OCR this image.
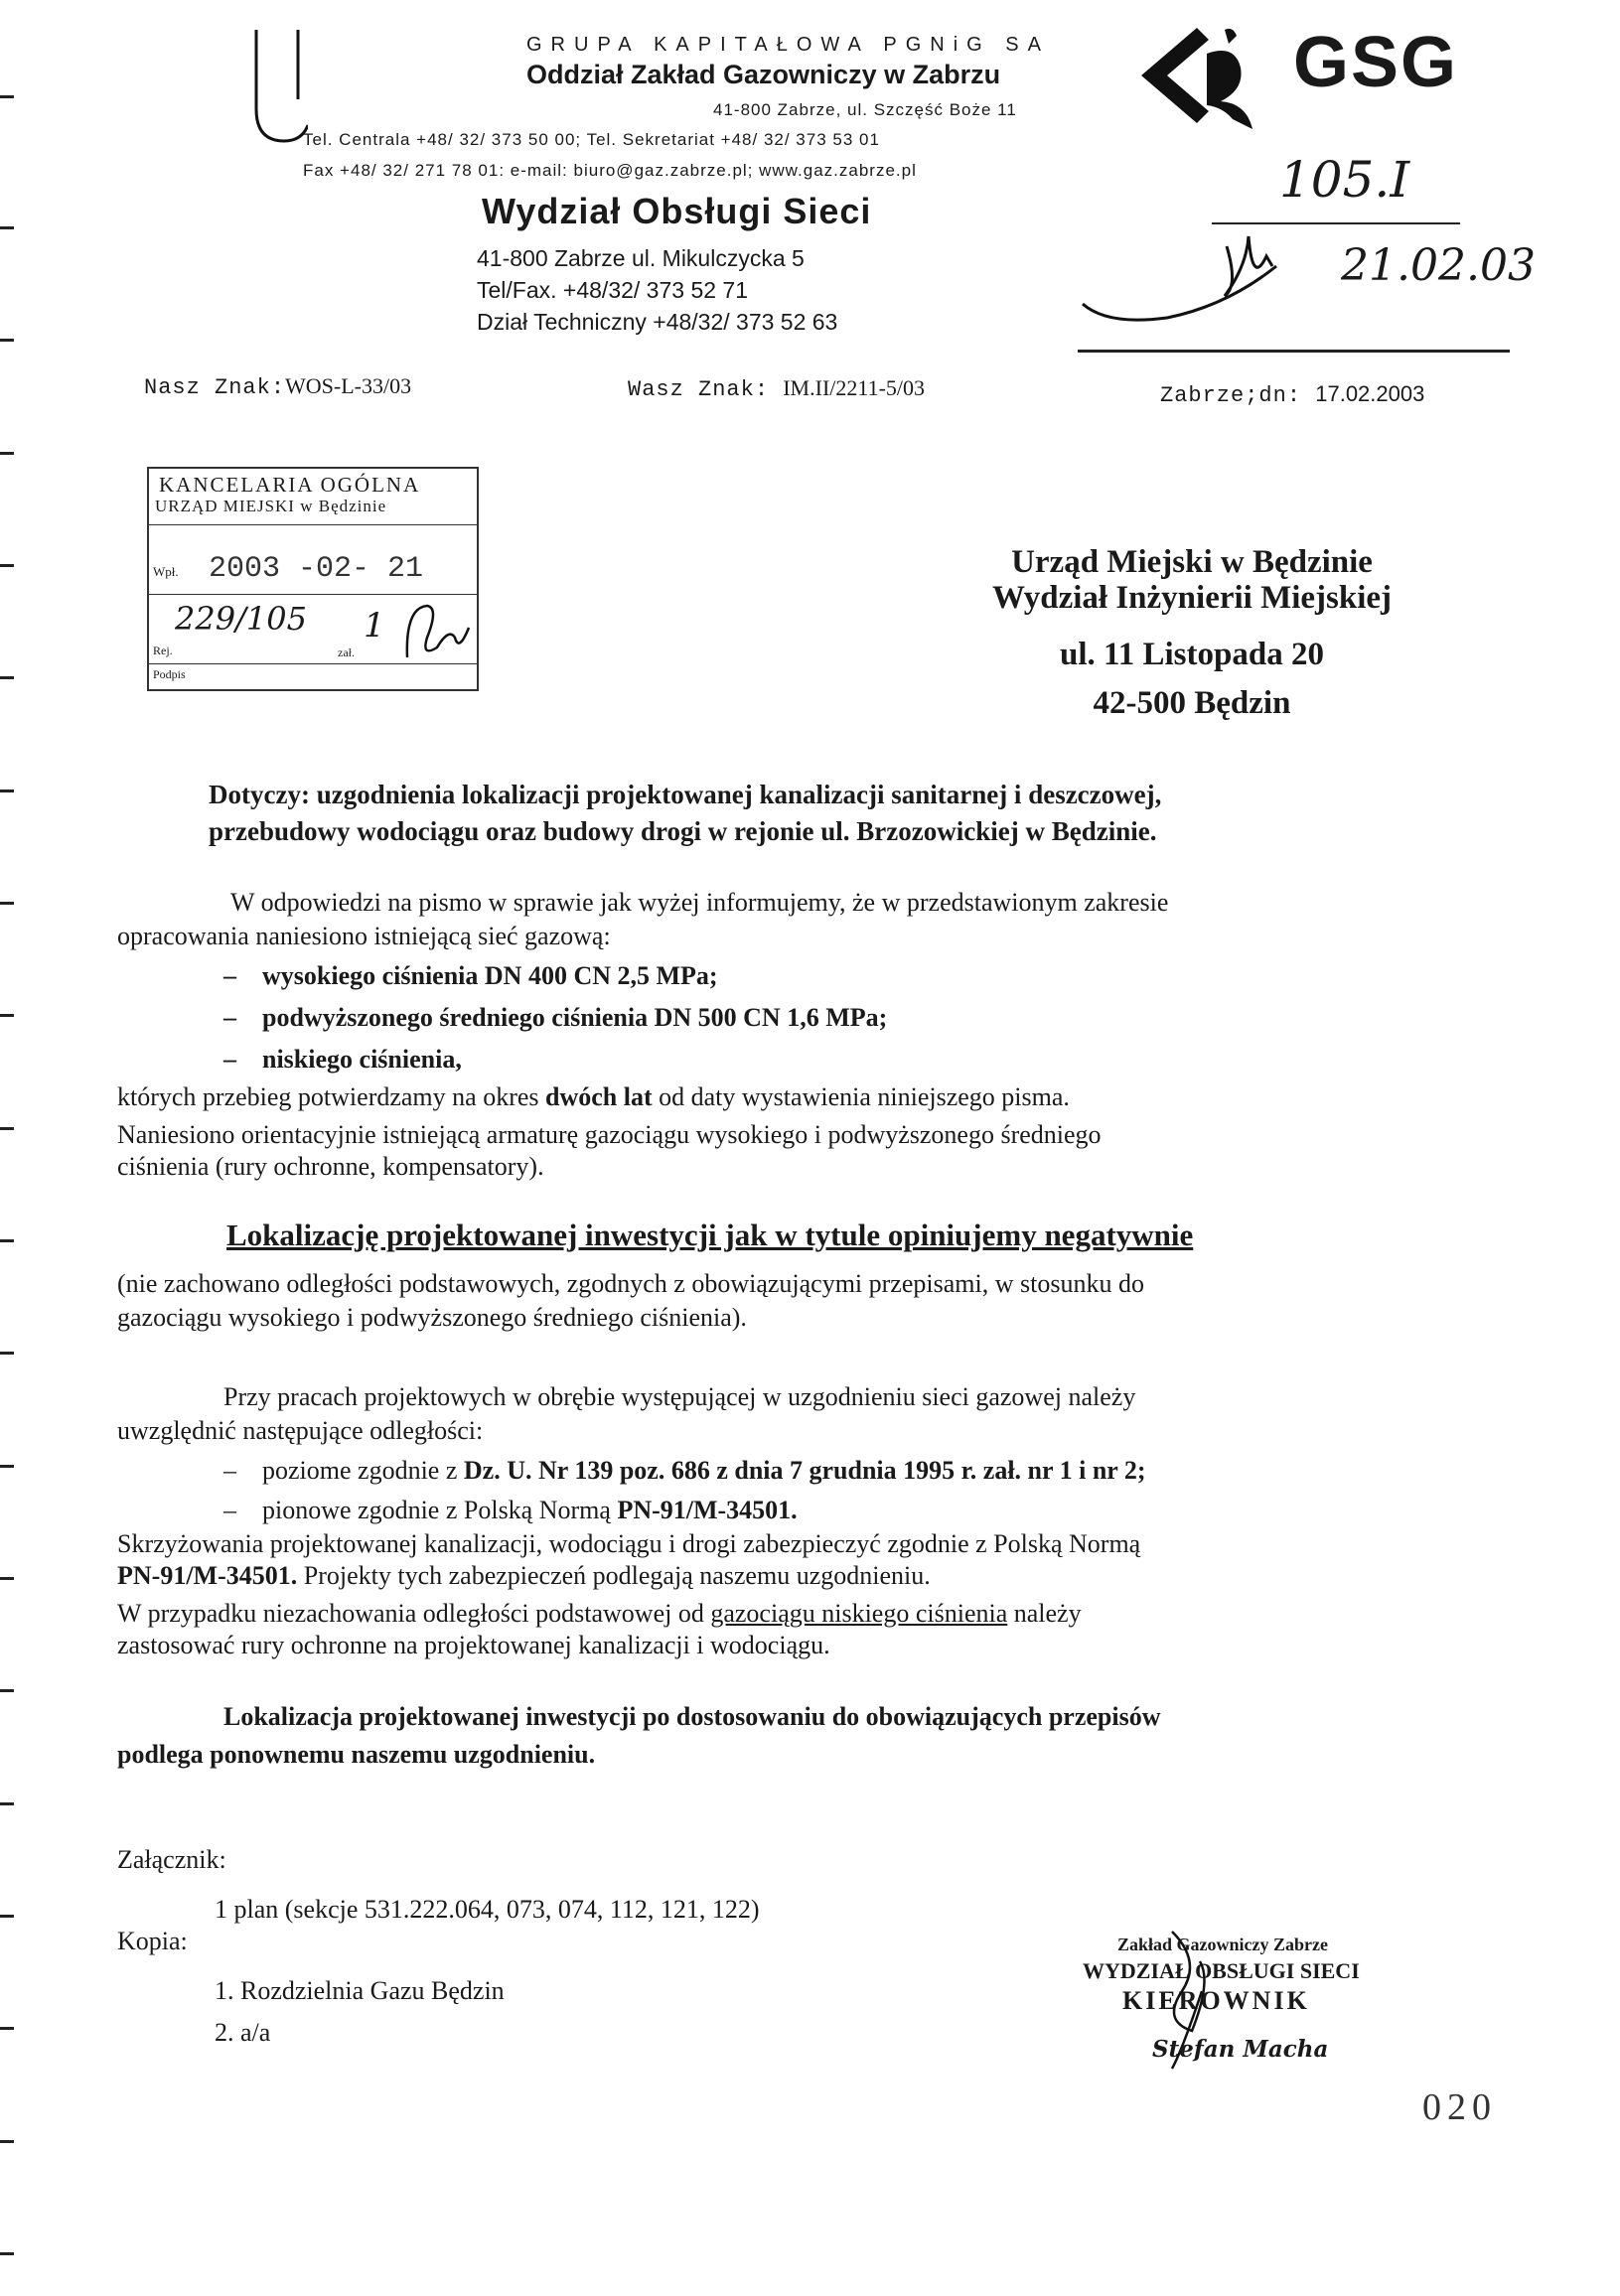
GRUPA KAPITAŁOWA PGNiG SA
Oddział Zakład Gazowniczy w Zabrzu
41-800 Zabrze, ul. Szczęść Boże 11
Tel. Centrala +48/ 32/ 373 50 00; Tel. Sekretariat +48/ 32/ 373 53 01
Fax +48/ 32/ 271 78 01: e-mail: biuro@gaz.zabrze.pl; www.gaz.zabrze.pl
GSG
105.I
Wydział Obsługi Sieci
41-800 Zabrze ul. Mikulczycka 5
Tel/Fax. +48/32/ 373 52 71
Dział Techniczny +48/32/ 373 52 63
21.02.03
Nasz Znak:WOS-L-33/03	Wasz Znak: IM.II/2211-5/03	Zabrze;dn: 17.02.2003
KANCELARIA OGÓLNA
URZĄD MIEJSKI w Będzinie
Wpł. 2003 -02- 21
229/105
Rej.	zał.
1
Podpis
Urząd Miejski w Będzinie
Wydział Inżynierii Miejskiej
ul. 11 Listopada 20
42-500 Będzin
Dotyczy: uzgodnienia lokalizacji projektowanej kanalizacji sanitarnej i deszczowej,
przebudowy wodociągu oraz budowy drogi w rejonie ul. Brzozowickiej w Będzinie.
W odpowiedzi na pismo w sprawie jak wyżej informujemy, że w przedstawionym zakresie
opracowania naniesiono istniejącą sieć gazową:
–    wysokiego ciśnienia DN 400 CN 2,5 MPa;
–    podwyższonego średniego ciśnienia DN 500 CN 1,6 MPa;
–    niskiego ciśnienia,
których przebieg potwierdzamy na okres dwóch lat od daty wystawienia niniejszego pisma.
Naniesiono orientacyjnie istniejącą armaturę gazociągu wysokiego i podwyższonego średniego
ciśnienia (rury ochronne, kompensatory).
Lokalizację projektowanej inwestycji jak w tytule opiniujemy negatywnie
(nie zachowano odległości podstawowych, zgodnych z obowiązującymi przepisami, w stosunku do
gazociągu wysokiego i podwyższonego średniego ciśnienia).
Przy pracach projektowych w obrębie występującej w uzgodnieniu sieci gazowej należy
uwzględnić następujące odległości:
–    poziome zgodnie z Dz. U. Nr 139 poz. 686 z dnia 7 grudnia 1995 r. zał. nr 1 i nr 2;
–    pionowe zgodnie z Polską Normą PN-91/M-34501.
Skrzyżowania projektowanej kanalizacji, wodociągu i drogi zabezpieczyć zgodnie z Polską Normą
PN-91/M-34501. Projekty tych zabezpieczeń podlegają naszemu uzgodnieniu.
W przypadku niezachowania odległości podstawowej od gazociągu niskiego ciśnienia należy
zastosować rury ochronne na projektowanej kanalizacji i wodociągu.
Lokalizacja projektowanej inwestycji po dostosowaniu do obowiązujących przepisów
podlega ponownemu naszemu uzgodnieniu.
Załącznik:
1 plan (sekcje 531.222.064, 073, 074, 112, 121, 122)
Kopia:
1. Rozdzielnia Gazu Będzin
2. a/a
Zakład Gazowniczy Zabrze
WYDZIAŁ OBSŁUGI SIECI
KIEROWNIK
Stefan Macha
020
